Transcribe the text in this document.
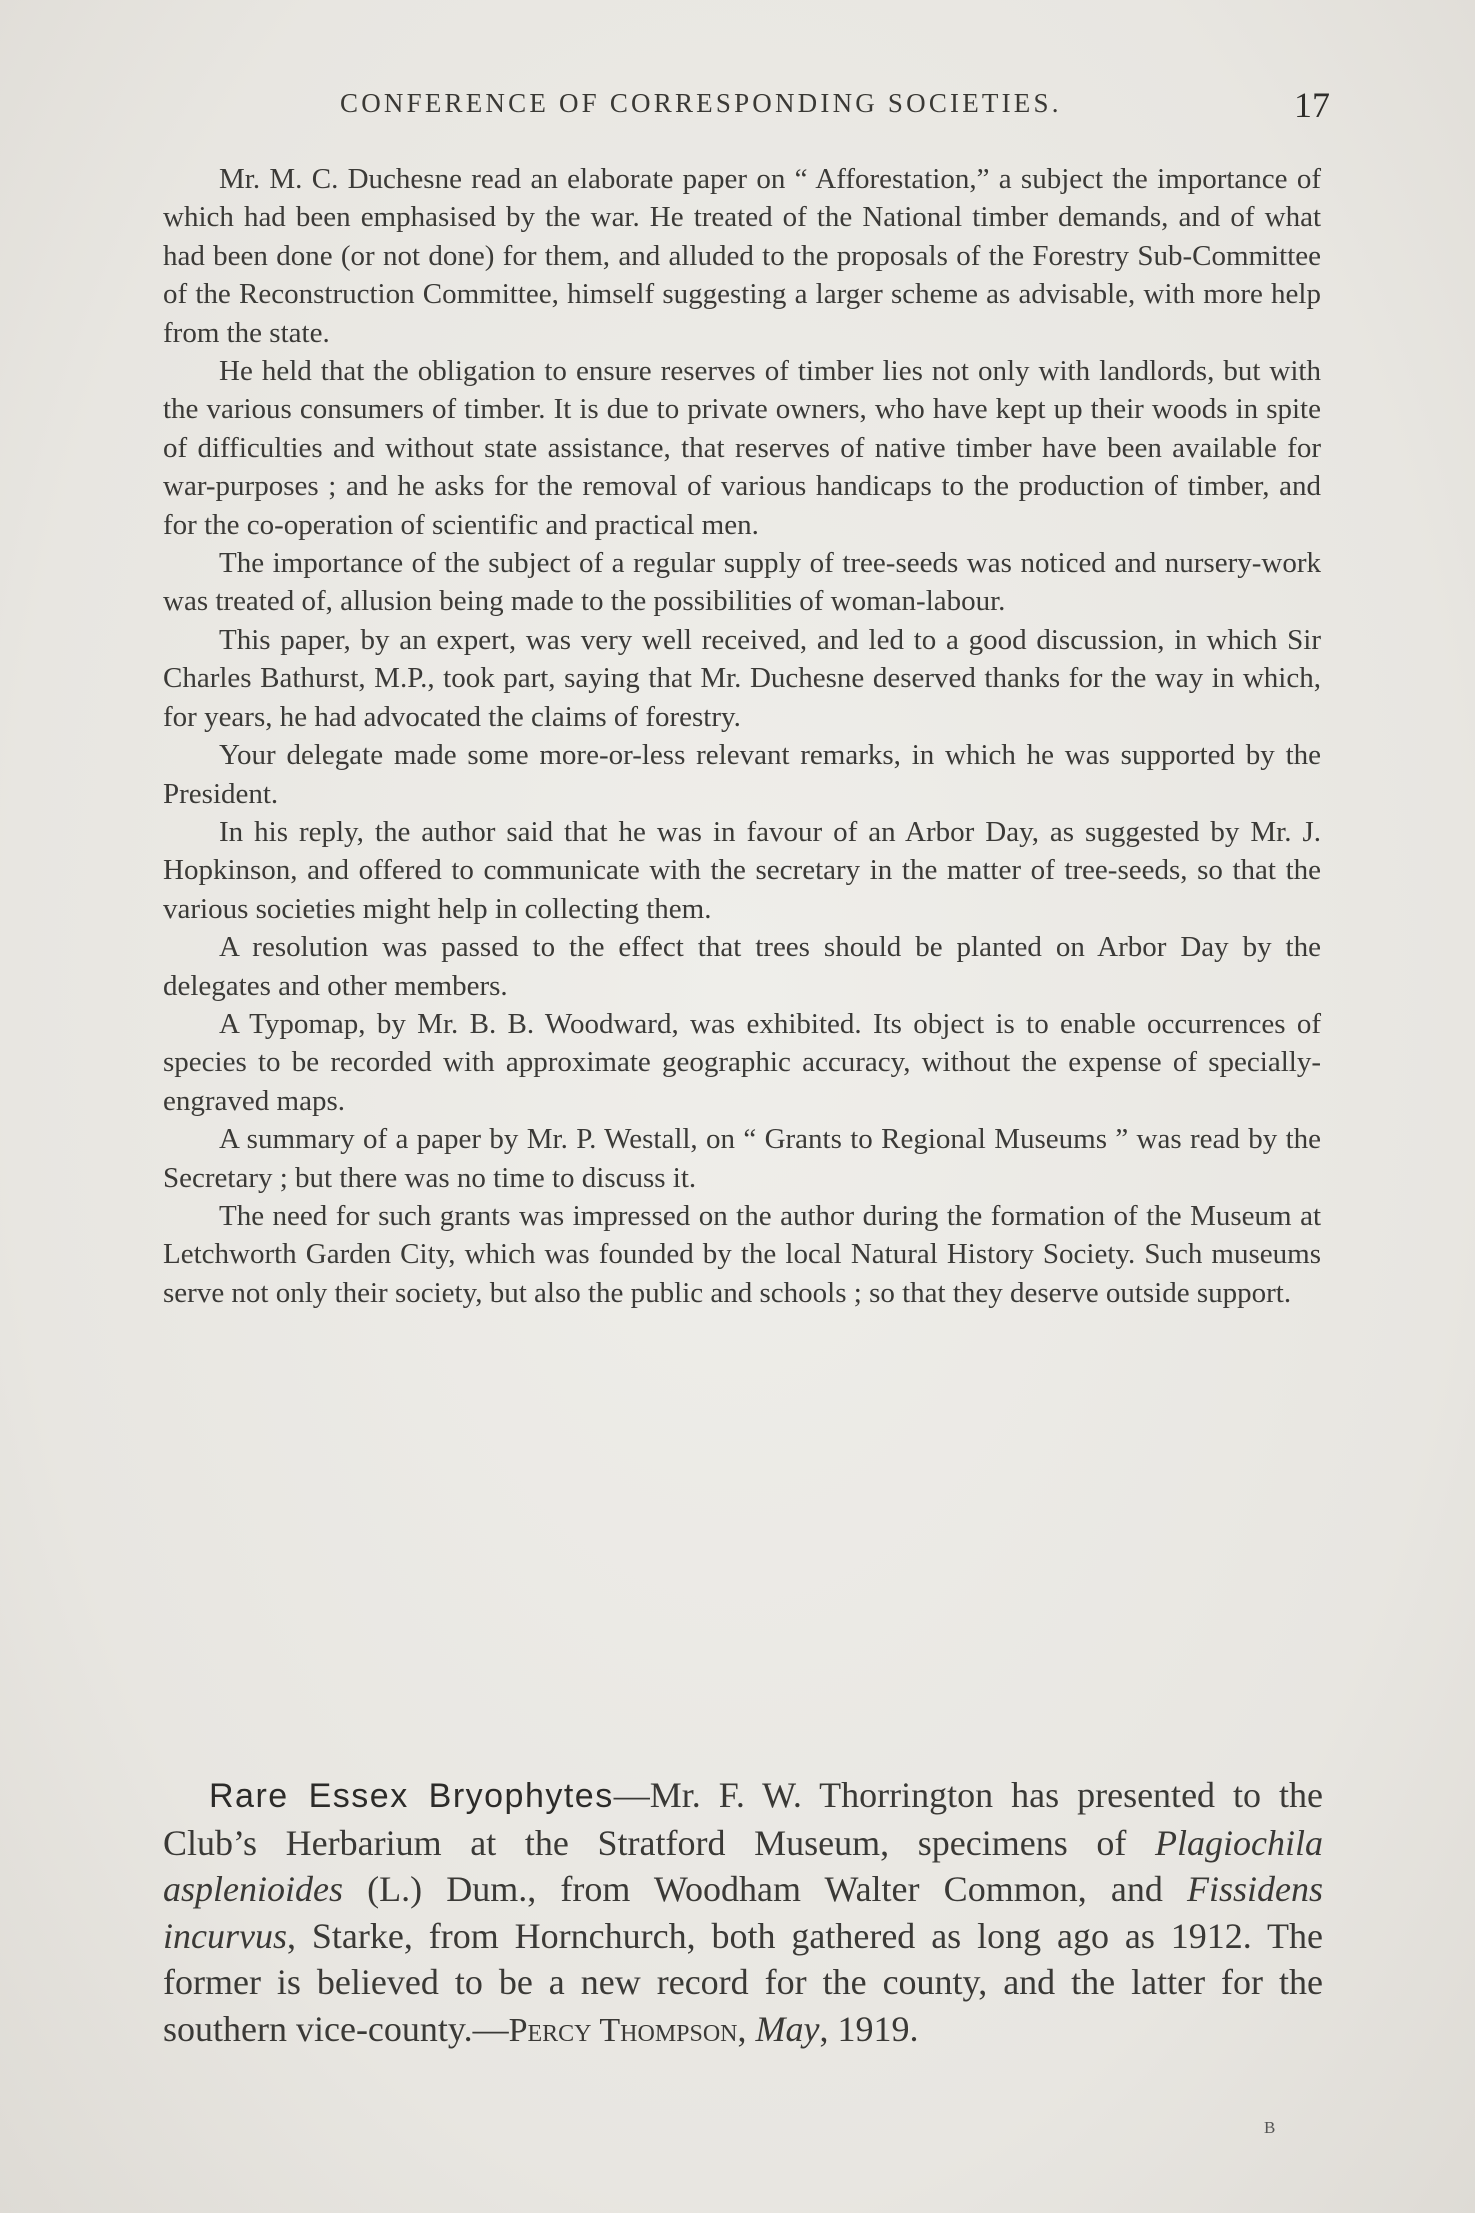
CONFERENCE OF CORRESPONDING SOCIETIES.	17

Mr. M. C. Duchesne read an elaborate paper on “ Afforestation,” a subject the importance of which had been emphasised by the war. He treated of the National timber demands, and of what had been done (or not done) for them, and alluded to the proposals of the Forestry Sub-Committee of the Reconstruction Committee, himself suggesting a larger scheme as advisable, with more help from the state.

He held that the obligation to ensure reserves of timber lies not only with landlords, but with the various consumers of timber. It is due to private owners, who have kept up their woods in spite of difficulties and without state assistance, that reserves of native timber have been available for war-purposes ; and he asks for the removal of various handicaps to the production of timber, and for the co-operation of scientific and practical men.

The importance of the subject of a regular supply of tree-seeds was noticed and nursery-work was treated of, allusion being made to the possibilities of woman-labour.

This paper, by an expert, was very well received, and led to a good discussion, in which Sir Charles Bathurst, M.P., took part, saying that Mr. Duchesne deserved thanks for the way in which, for years, he had advocated the claims of forestry.

Your delegate made some more-or-less relevant remarks, in which he was supported by the President.

In his reply, the author said that he was in favour of an Arbor Day, as suggested by Mr. J. Hopkinson, and offered to communicate with the secretary in the matter of tree-seeds, so that the various societies might help in collecting them.

A resolution was passed to the effect that trees should be planted on Arbor Day by the delegates and other members.

A Typomap, by Mr. B. B. Woodward, was exhibited. Its object is to enable occurrences of species to be recorded with approximate geographic accuracy, without the expense of specially-engraved maps.

A summary of a paper by Mr. P. Westall, on “ Grants to Regional Museums ” was read by the Secretary ; but there was no time to discuss it.

The need for such grants was impressed on the author during the formation of the Museum at Letchworth Garden City, which was founded by the local Natural History Society. Such museums serve not only their society, but also the public and schools ; so that they deserve outside support.

Rare Essex Bryophytes—Mr. F. W. Thorrington has presented to the Club’s Herbarium at the Stratford Museum, specimens of Plagiochila asplenioides (L.) Dum., from Woodham Walter Common, and Fissidens incurvus, Starke, from Hornchurch, both gathered as long ago as 1912. The former is believed to be a new record for the county, and the latter for the southern vice-county.—Percy Thompson, May, 1919.

B
